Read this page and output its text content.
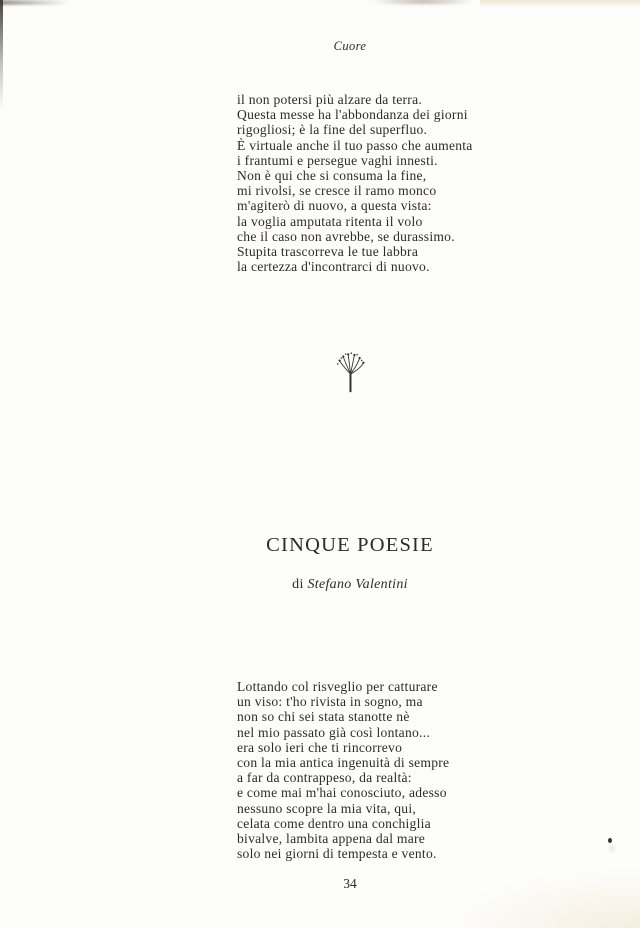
Cuore
il non potersi più alzare da terra.
Questa messe ha l'abbondanza dei giorni
rigogliosi; è la fine del superfluo.
È virtuale anche il tuo passo che aumenta
i frantumi e persegue vaghi innesti.
Non è qui che si consuma la fine,
mi rivolsi, se cresce il ramo monco
m'agiterò di nuovo, a questa vista:
la voglia amputata ritenta il volo
che il caso non avrebbe, se durassimo.
Stupita trascorreva le tue labbra
la certezza d'incontrarci di nuovo.
CINQUE POESIE
di Stefano Valentini
Lottando col risveglio per catturare
un viso: t'ho rivista in sogno, ma
non so chi sei stata stanotte nè
nel mio passato già così lontano...
era solo ieri che ti rincorrevo
con la mia antica ingenuità di sempre
a far da contrappeso, da realtà:
e come mai m'hai conosciuto, adesso
nessuno scopre la mia vita, qui,
celata come dentro una conchiglia
bivalve, lambita appena dal mare
solo nei giorni di tempesta e vento.
34
